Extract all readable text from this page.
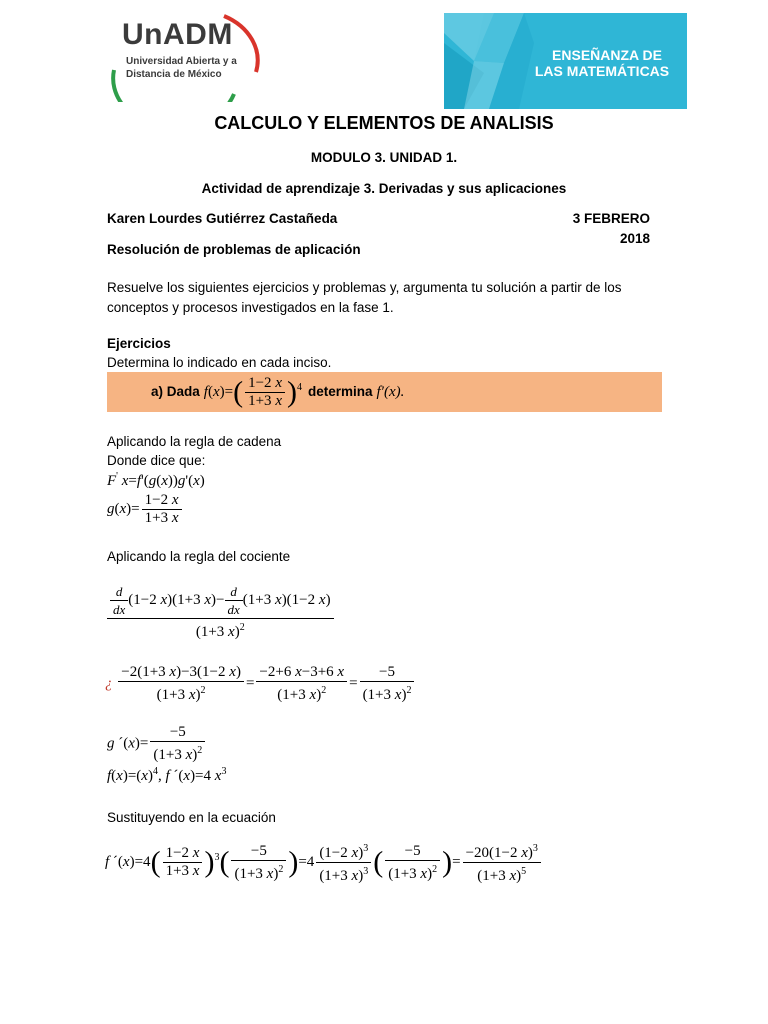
UnADM
Universidad Abierta y a
Distancia de México
ENSEÑANZA DE
LAS MATEMÁTICAS
CALCULO Y ELEMENTOS DE ANALISIS
MODULO 3. UNIDAD 1.
Actividad de aprendizaje 3. Derivadas y sus aplicaciones
Karen Lourdes Gutiérrez Castañeda	3 FEBRERO 2018
Resolución de problemas de aplicación
Resuelve los siguientes ejercicios y problemas y, argumenta tu solución a partir de los
conceptos y procesos investigados en la fase 1.
Ejercicios
Determina lo indicado en cada inciso.
a) Dada $f(x)=( \frac{1-2 x}{1+3 x} )^4$ determina f′(x).
Aplicando la regla de cadena
Donde dice que:
F' x=f'(g(x))g'(x)
$g(x)= \frac{1-2 x}{1+3 x}$
Aplicando la regla del cociente
$\frac{\frac{d}{dx} (1-2 x)(1+3 x)- \frac{d}{dx} (1+3 x)(1-2 x)}{(1+3 x)^2}$
¿ $\frac{-2(1+3 x)-3(1-2 x)}{(1+3 x)^2} = \frac{-2+6 x-3+6 x}{(1+3 x)^2} = \frac{-5}{(1+3 x)^2}$
g ´(x)= $\frac{-5}{(1+3 x)^2}$
$f(x)=(x)^4$, f ´(x)=4 $x^3$
Sustituyendo en la ecuación
f ´(x)=4( $\frac{1-2 x}{1+3 x} )^3( \frac{-5}{(1+3 x)^2} )=4 \frac{(1-2 x)^3}{(1+3 x)^3}$ ( $\frac{-5}{(1+3 x)^2}$ )= $\frac{-20(1-2 x)^3}{(1+3 x)^5}$
